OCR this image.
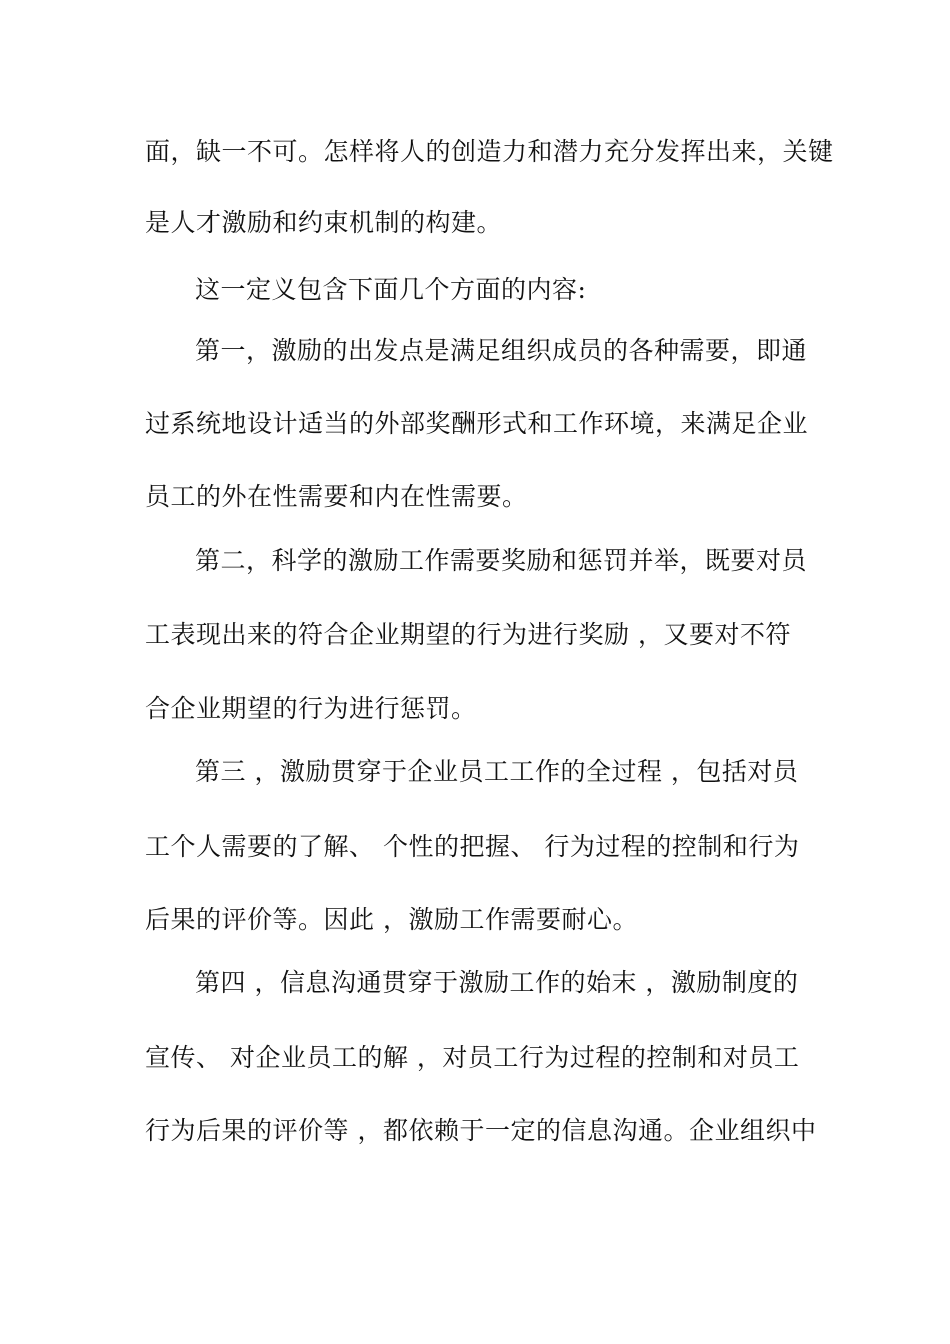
面，缺一不可。怎样将人的创造力和潜力充分发挥出来，关键
是人才激励和约束机制的构建。
这一定义包含下面几个方面的内容:
第一，激励的出发点是满足组织成员的各种需要，即通
过系统地设计适当的外部奖酬形式和工作环境，来满足企业
员工的外在性需要和内在性需要。
第二，科学的激励工作需要奖励和惩罚并举，既要对员
工表现出来的符合企业期望的行为进行奖励 ，又要对不符
合企业期望的行为进行惩罚。
第三 ，激励贯穿于企业员工工作的全过程 ，包括对员
工个人需要的了解、 个性的把握、 行为过程的控制和行为
后果的评价等。因此 ，激励工作需要耐心。
第四 ，信息沟通贯穿于激励工作的始末 ，激励制度的
宣传、 对企业员工的解 ，对员工行为过程的控制和对员工
行为后果的评价等 ，都依赖于一定的信息沟通。企业组织中
